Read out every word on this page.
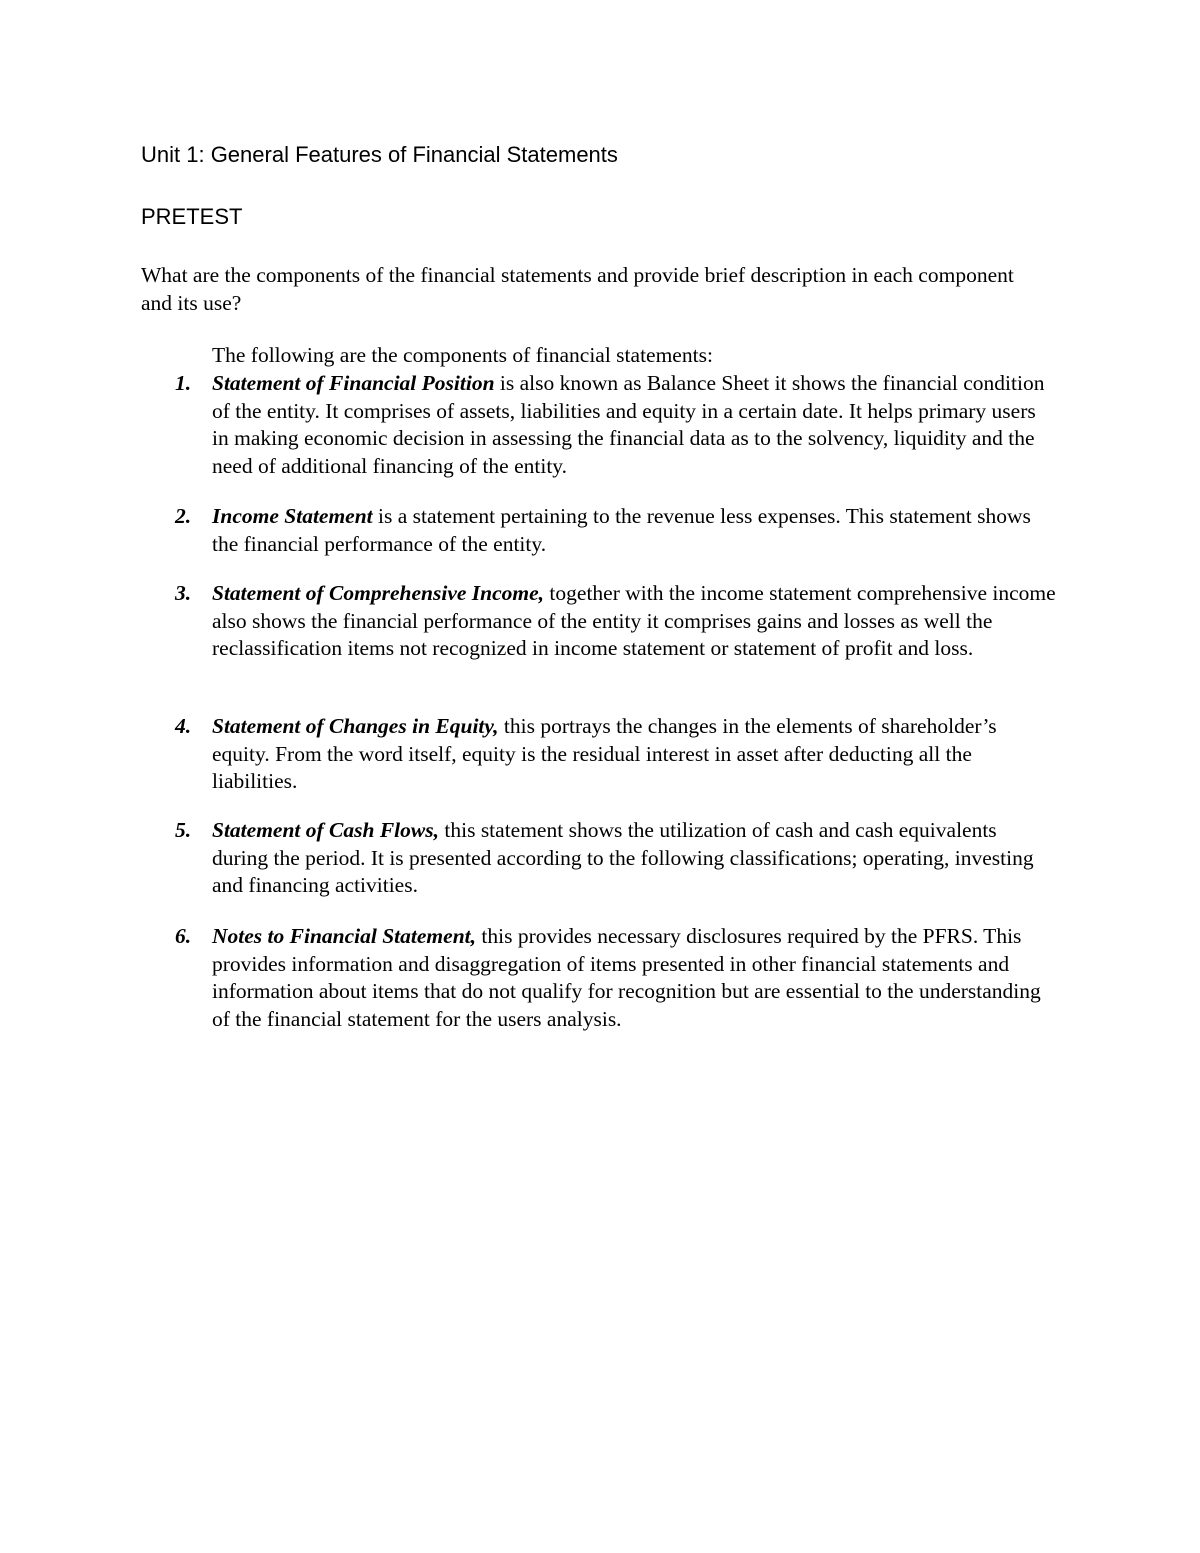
Unit 1: General Features of Financial Statements
PRETEST
What are the components of the financial statements and provide brief description in each component and its use?
The following are the components of financial statements:
1. Statement of Financial Position is also known as Balance Sheet it shows the financial condition of the entity. It comprises of assets, liabilities and equity in a certain date. It helps primary users in making economic decision in assessing the financial data as to the solvency, liquidity and the need of additional financing of the entity.
2. Income Statement is a statement pertaining to the revenue less expenses. This statement shows the financial performance of the entity.
3. Statement of Comprehensive Income, together with the income statement comprehensive income also shows the financial performance of the entity it comprises gains and losses as well the reclassification items not recognized in income statement or statement of profit and loss.
4. Statement of Changes in Equity, this portrays the changes in the elements of shareholder’s equity. From the word itself, equity is the residual interest in asset after deducting all the liabilities.
5. Statement of Cash Flows, this statement shows the utilization of cash and cash equivalents during the period. It is presented according to the following classifications; operating, investing and financing activities.
6. Notes to Financial Statement, this provides necessary disclosures required by the PFRS. This provides information and disaggregation of items presented in other financial statements and information about items that do not qualify for recognition but are essential to the understanding of the financial statement for the users analysis.
